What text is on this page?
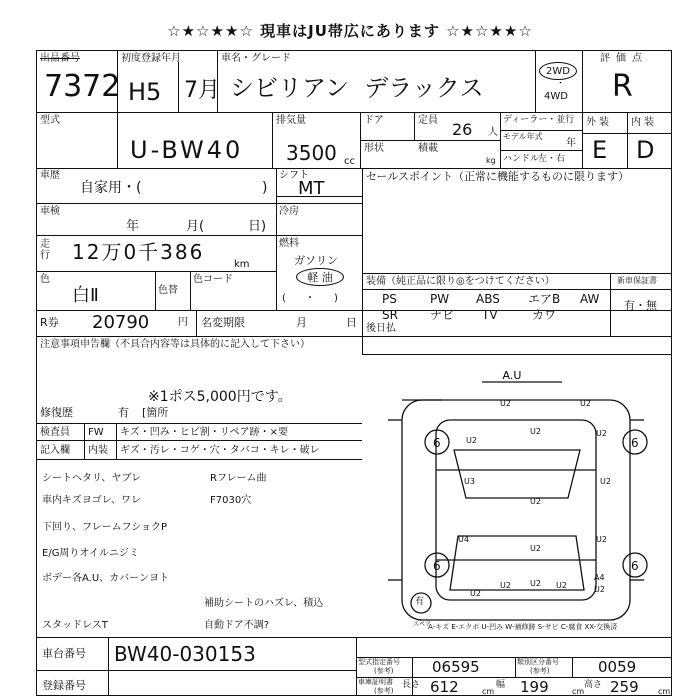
☆★☆★★☆ 現車はJU帯広にあります ☆★☆★★☆
出品番号
7372
初度登録年月
H5 7月
車名・グレード
シビリアン  デラックス
2WD
・
4WD
評価点
R
型式
U-BW40
排気量
3500 cc
ドア	定員 26 人
ディーラー・並行
モデル年式
年
ハンドル
左・右
形状	積載
kg
外装 内装
E D
車歴
自家用・(	)
シフト
MT
セールスポイント（正常に機能するものに限ります）
車検
年	月(	日)
冷房
走行 12万0千386
km
燃料
ガソリン
軽 油
(      ・      )
色
白Ⅱ	色替
色コード	装備（純正品に限り◎をつけてください）	新車保証書
有・無
PS	PW ABS エアB AW
SR	ナビ TV	カワ
R券 20790	円 名変期限	月	日 後日払
注意事項申告欄（不具合内容等は具体的に記入して下さい）
※1ポス5,000円です。
修復歴	有 [箇所
検査員 FW キズ・凹み・ヒビ割・リペア跡・×要
記入欄 内装 ギズ・汚レ・コゲ・穴・タバコ・キレ・破レ
シートヘタリ、ヤブレ
車内キズヨゴレ、ワレ
下回り、フレームフショクP
E/G周りオイルニジミ
ボデー各A.U、カバーンヨト
スタッドレスT
Rフレーム曲
F7030穴
補助シートのハズレ、積込
自動ドア不調?
A.U
6	6
6	6
U2
U2	U2
U2	U2
U3	U2
U4
U2
U2
U2
U2
U2	U2
U2
A4
U2
有
スペア
A-キズ E-エクボ U-凹み W-補修跡 S-サビ C-腐食 XX-交換済
車台番号 BW40-030153
登録番号
型式指定番号
(参考)	06595	類別区分番号
(参考)	0059
車庫証明書
(参考)
長さ 612	cm
幅 199	cm
高さ 259 cm
